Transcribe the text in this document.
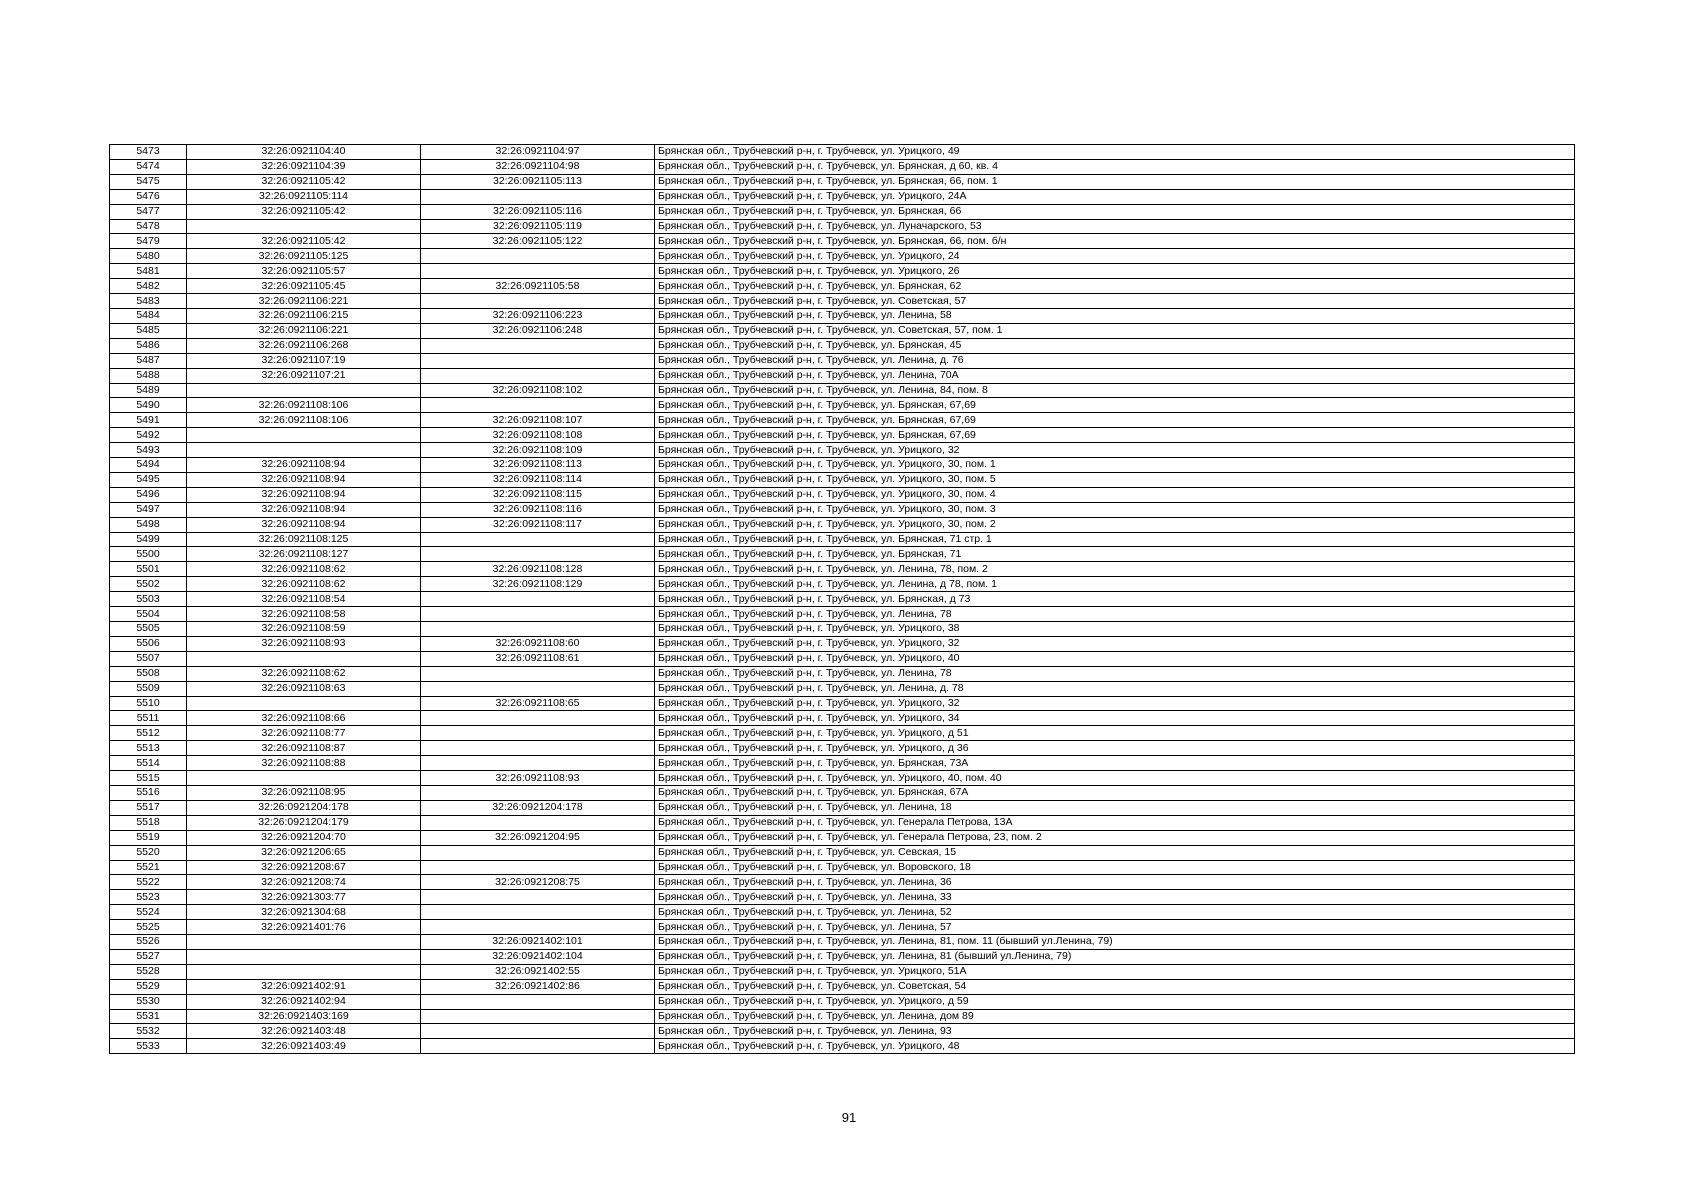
5473	32:26:0921104:40	32:26:0921104:97	Брянская обл., Трубчевский р-н, г. Трубчевск, ул. Урицкого, 49
5474	32:26:0921104:39	32:26:0921104:98	Брянская обл., Трубчевский р-н, г. Трубчевск, ул. Брянская, д 60, кв. 4
5475	32:26:0921105:42	32:26:0921105:113	Брянская обл., Трубчевский р-н, г. Трубчевск, ул. Брянская, 66, пом. 1
5476	32:26:0921105:114		Брянская обл., Трубчевский р-н, г. Трубчевск, ул. Урицкого, 24А
5477	32:26:0921105:42	32:26:0921105:116	Брянская обл., Трубчевский р-н, г. Трубчевск, ул. Брянская, 66
5478		32:26:0921105:119	Брянская обл., Трубчевский р-н, г. Трубчевск, ул. Луначарского, 53
5479	32:26:0921105:42	32:26:0921105:122	Брянская обл., Трубчевский р-н, г. Трубчевск, ул. Брянская, 66, пом. б/н
5480	32:26:0921105:125		Брянская обл., Трубчевский р-н, г. Трубчевск, ул. Урицкого, 24
5481	32:26:0921105:57		Брянская обл., Трубчевский р-н, г. Трубчевск, ул. Урицкого, 26
5482	32:26:0921105:45	32:26:0921105:58	Брянская обл., Трубчевский р-н, г. Трубчевск, ул. Брянская, 62
5483	32:26:0921106:221		Брянская обл., Трубчевский р-н, г. Трубчевск, ул. Советская, 57
5484	32:26:0921106:215	32:26:0921106:223	Брянская обл., Трубчевский р-н, г. Трубчевск, ул. Ленина, 58
5485	32:26:0921106:221	32:26:0921106:248	Брянская обл., Трубчевский р-н, г. Трубчевск, ул. Советская, 57, пом. 1
5486	32:26:0921106:268		Брянская обл., Трубчевский р-н, г. Трубчевск, ул. Брянская, 45
5487	32:26:0921107:19		Брянская обл., Трубчевский р-н, г. Трубчевск, ул. Ленина, д. 76
5488	32:26:0921107:21		Брянская обл., Трубчевский р-н, г. Трубчевск, ул. Ленина, 70А
5489		32:26:0921108:102	Брянская обл., Трубчевский р-н, г. Трубчевск, ул. Ленина, 84, пом. 8
5490	32:26:0921108:106		Брянская обл., Трубчевский р-н, г. Трубчевск, ул. Брянская, 67,69
5491	32:26:0921108:106	32:26:0921108:107	Брянская обл., Трубчевский р-н, г. Трубчевск, ул. Брянская, 67,69
5492		32:26:0921108:108	Брянская обл., Трубчевский р-н, г. Трубчевск, ул. Брянская, 67,69
5493		32:26:0921108:109	Брянская обл., Трубчевский р-н, г. Трубчевск, ул. Урицкого, 32
5494	32:26:0921108:94	32:26:0921108:113	Брянская обл., Трубчевский р-н, г. Трубчевск, ул. Урицкого, 30, пом. 1
5495	32:26:0921108:94	32:26:0921108:114	Брянская обл., Трубчевский р-н, г. Трубчевск, ул. Урицкого, 30, пом. 5
5496	32:26:0921108:94	32:26:0921108:115	Брянская обл., Трубчевский р-н, г. Трубчевск, ул. Урицкого, 30, пом. 4
5497	32:26:0921108:94	32:26:0921108:116	Брянская обл., Трубчевский р-н, г. Трубчевск, ул. Урицкого, 30, пом. 3
5498	32:26:0921108:94	32:26:0921108:117	Брянская обл., Трубчевский р-н, г. Трубчевск, ул. Урицкого, 30, пом. 2
5499	32:26:0921108:125		Брянская обл., Трубчевский р-н, г. Трубчевск, ул. Брянская, 71 стр. 1
5500	32:26:0921108:127		Брянская обл., Трубчевский р-н, г. Трубчевск, ул. Брянская, 71
5501	32:26:0921108:62	32:26:0921108:128	Брянская обл., Трубчевский р-н, г. Трубчевск, ул. Ленина, 78, пом. 2
5502	32:26:0921108:62	32:26:0921108:129	Брянская обл., Трубчевский р-н, г. Трубчевск, ул. Ленина, д 78, пом. 1
5503	32:26:0921108:54		Брянская обл., Трубчевский р-н, г. Трубчевск, ул. Брянская, д 73
5504	32:26:0921108:58		Брянская обл., Трубчевский р-н, г. Трубчевск, ул. Ленина, 78
5505	32:26:0921108:59		Брянская обл., Трубчевский р-н, г. Трубчевск, ул. Урицкого, 38
5506	32:26:0921108:93	32:26:0921108:60	Брянская обл., Трубчевский р-н, г. Трубчевск, ул. Урицкого, 32
5507		32:26:0921108:61	Брянская обл., Трубчевский р-н, г. Трубчевск, ул. Урицкого, 40
5508	32:26:0921108:62		Брянская обл., Трубчевский р-н, г. Трубчевск, ул. Ленина, 78
5509	32:26:0921108:63		Брянская обл., Трубчевский р-н, г. Трубчевск, ул. Ленина, д. 78
5510		32:26:0921108:65	Брянская обл., Трубчевский р-н, г. Трубчевск, ул. Урицкого, 32
5511	32:26:0921108:66		Брянская обл., Трубчевский р-н, г. Трубчевск, ул. Урицкого, 34
5512	32:26:0921108:77		Брянская обл., Трубчевский р-н, г. Трубчевск, ул. Урицкого, д 51
5513	32:26:0921108:87		Брянская обл., Трубчевский р-н, г. Трубчевск, ул. Урицкого, д 36
5514	32:26:0921108:88		Брянская обл., Трубчевский р-н, г. Трубчевск, ул. Брянская, 73А
5515		32:26:0921108:93	Брянская обл., Трубчевский р-н, г. Трубчевск, ул. Урицкого, 40, пом. 40
5516	32:26:0921108:95		Брянская обл., Трубчевский р-н, г. Трубчевск, ул. Брянская, 67А
5517	32:26:0921204:178	32:26:0921204:178	Брянская обл., Трубчевский р-н, г. Трубчевск, ул. Ленина, 18
5518	32:26:0921204:179		Брянская обл., Трубчевский р-н, г. Трубчевск, ул. Генерала Петрова, 13А
5519	32:26:0921204:70	32:26:0921204:95	Брянская обл., Трубчевский р-н, г. Трубчевск, ул. Генерала Петрова, 23, пом. 2
5520	32:26:0921206:65		Брянская обл., Трубчевский р-н, г. Трубчевск, ул. Севская, 15
5521	32:26:0921208:67		Брянская обл., Трубчевский р-н, г. Трубчевск, ул. Воровского, 18
5522	32:26:0921208:74	32:26:0921208:75	Брянская обл., Трубчевский р-н, г. Трубчевск, ул. Ленина, 36
5523	32:26:0921303:77		Брянская обл., Трубчевский р-н, г. Трубчевск, ул. Ленина, 33
5524	32:26:0921304:68		Брянская обл., Трубчевский р-н, г. Трубчевск, ул. Ленина, 52
5525	32:26:0921401:76		Брянская обл., Трубчевский р-н, г. Трубчевск, ул. Ленина, 57
5526		32:26:0921402:101	Брянская обл., Трубчевский р-н, г. Трубчевск, ул. Ленина, 81, пом. 11 (бывший ул.Ленина, 79)
5527		32:26:0921402:104	Брянская обл., Трубчевский р-н, г. Трубчевск, ул. Ленина, 81 (бывший ул.Ленина, 79)
5528		32:26:0921402:55	Брянская обл., Трубчевский р-н, г. Трубчевск, ул. Урицкого, 51А
5529	32:26:0921402:91	32:26:0921402:86	Брянская обл., Трубчевский р-н, г. Трубчевск, ул. Советская, 54
5530	32:26:0921402:94		Брянская обл., Трубчевский р-н, г. Трубчевск, ул. Урицкого, д 59
5531	32:26:0921403:169		Брянская обл., Трубчевский р-н, г. Трубчевск, ул. Ленина, дом 89
5532	32:26:0921403:48		Брянская обл., Трубчевский р-н, г. Трубчевск, ул. Ленина, 93
5533	32:26:0921403:49		Брянская обл., Трубчевский р-н, г. Трубчевск, ул. Урицкого, 48
91
